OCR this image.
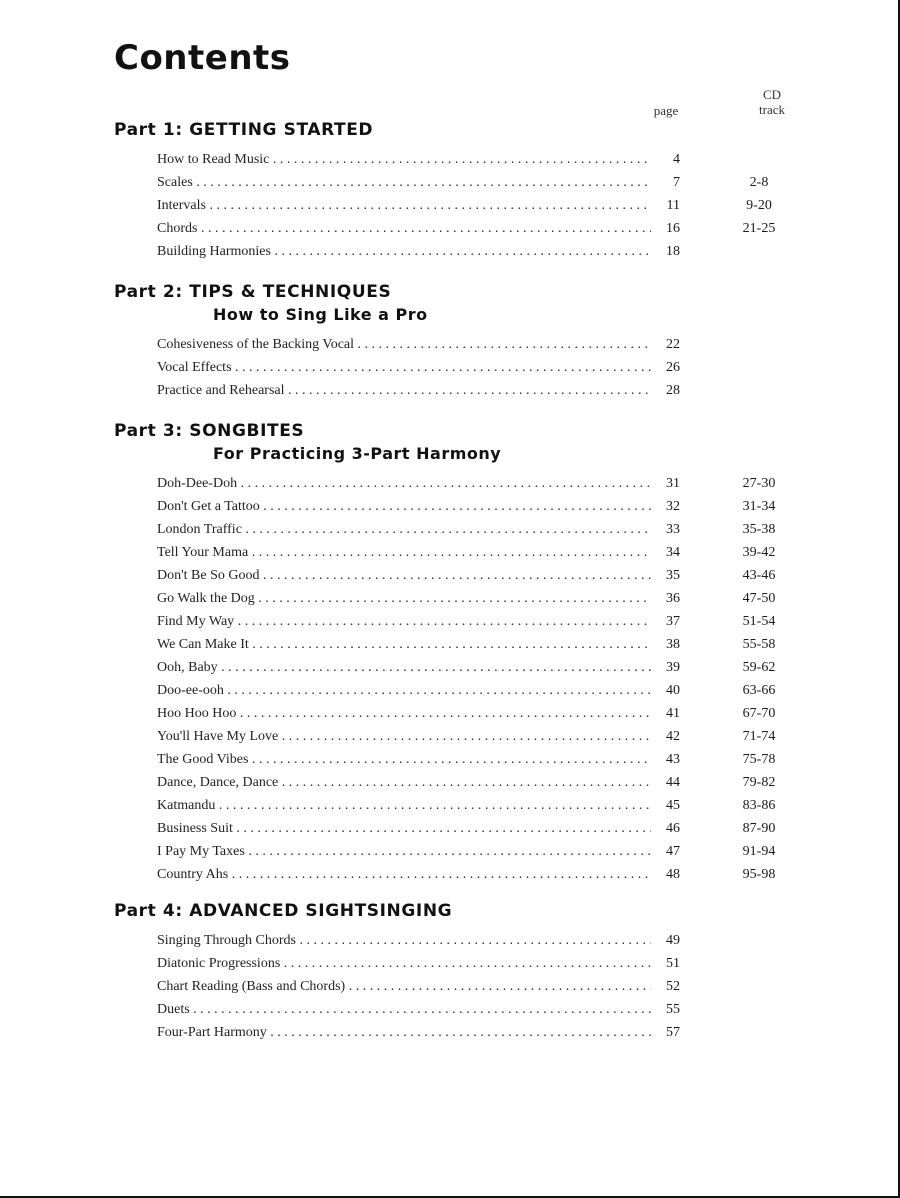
Contents
CD
track
page
Part 1: GETTING STARTED
How to Read Music . . .	4
Scales . . .	7	2-8
Intervals . . .	11	9-20
Chords . . .	16	21-25
Building Harmonies . . .	18
Part 2: TIPS & TECHNIQUES
How to Sing Like a Pro
Cohesiveness of the Backing Vocal . . .	22
Vocal Effects . . .	26
Practice and Rehearsal . . .	28
Part 3: SONGBITES
For Practicing 3-Part Harmony
Doh-Dee-Doh . . .	31	27-30
Don't Get a Tattoo . . .	32	31-34
London Traffic . . .	33	35-38
Tell Your Mama . . .	34	39-42
Don't Be So Good . . .	35	43-46
Go Walk the Dog . . .	36	47-50
Find My Way . . .	37	51-54
We Can Make It . . .	38	55-58
Ooh, Baby . . .	39	59-62
Doo-ee-ooh . . .	40	63-66
Hoo Hoo Hoo . . .	41	67-70
You'll Have My Love . . .	42	71-74
The Good Vibes . . .	43	75-78
Dance, Dance, Dance . . .	44	79-82
Katmandu . . .	45	83-86
Business Suit . . .	46	87-90
I Pay My Taxes . . .	47	91-94
Country Ahs . . .	48	95-98
Part 4: ADVANCED SIGHTSINGING
Singing Through Chords . . .	49
Diatonic Progressions . . .	51
Chart Reading (Bass and Chords) . . .	52
Duets . . .	55
Four-Part Harmony . . .	57
